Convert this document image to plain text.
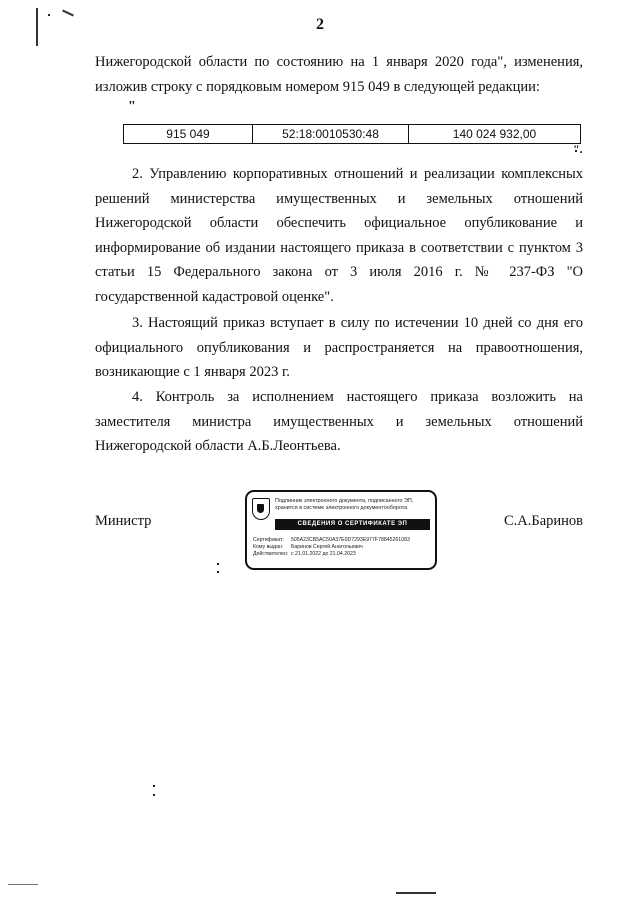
2
Нижегородской области по состоянию на 1 января 2020 года", изменения, изложив строку с порядковым номером 915 049 в следующей редакции:
"
915 049	52:18:0010530:48	140 024 932,00
".
2. Управлению корпоративных отношений и реализации комплексных решений министерства имущественных и земельных отношений Нижегородской области обеспечить официальное опубликование и информирование об издании настоящего приказа в соответствии с пунктом 3 статьи 15 Федерального закона от 3 июля 2016 г. № 237-ФЗ "О государственной кадастровой оценке".
3. Настоящий приказ вступает в силу по истечении 10 дней со дня его официального опубликования и распространяется на правоотношения, возникающие с 1 января 2023 г.
4. Контроль за исполнением настоящего приказа возложить на заместителя министра имущественных и земельных отношений Нижегородской области А.Б.Леонтьева.
Министр	С.А.Баринов
Подлинник электронного документа, подписанного ЭП, хранится в системе электронного документооборота
СВЕДЕНИЯ О СЕРТИФИКАТЕ ЭП
Сертификат: 505A23CB5AC50A37E0D7293E977F78845261083
Кому выдан: Баринов Сергей Анатольевич
Действителен: с 21.01.2022 до 21.04.2023
